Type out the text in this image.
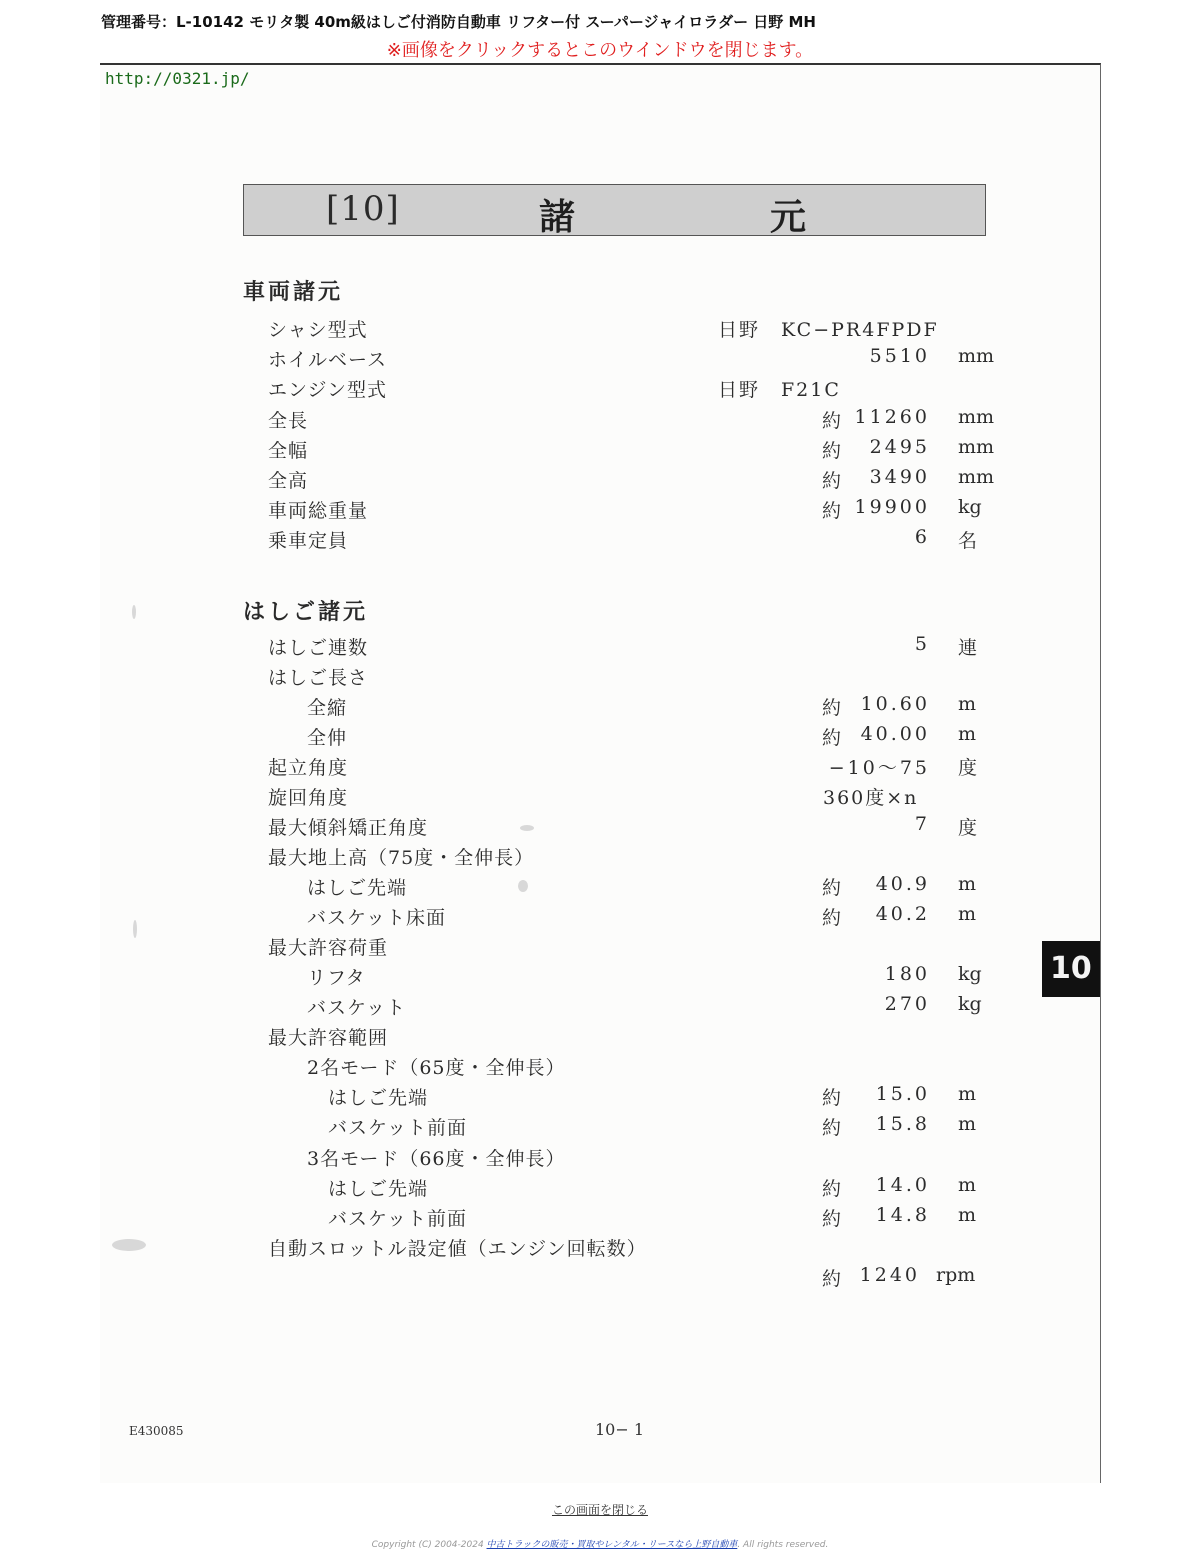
管理番号：L-10142 モリタ製 40m級はしご付消防自動車 リフター付 スーパージャイロラダー 日野 MH
※画像をクリックするとこのウインドウを閉じます。
http://0321.jp/
[10]	諸	元
車両諸元
シャシ型式	日野　KC−PR4FPDF
ホイルベース	5510 mm
エンジン型式	日野　F21C
全長	約 11260 mm
全幅	約 2495 mm
全高	約 3490 mm
車両総重量	約 19900 kg
乗車定員	6 名
はしご諸元
はしご連数	5 連
はしご長さ
全縮	約 10.60 m
全伸	約 40.00 m
起立角度	−10〜75 度
旋回角度	360度×n
最大傾斜矯正角度	7 度
最大地上高（75度・全伸長）
はしご先端	約 40.9 m
バスケット床面	約 40.2 m
最大許容荷重
リフタ	180 kg
バスケット	270 kg
最大許容範囲
2名モード（65度・全伸長）
はしご先端	約 15.0 m
バスケット前面	約 15.8 m
3名モード（66度・全伸長）
はしご先端	約 14.0 m
バスケット前面	約 14.8 m
自動スロットル設定値（エンジン回転数）
約 1240 rpm
10
E430085	10− 1
この画面を閉じる
Copyright (C) 2004-2024 中古トラックの販売・買取やレンタル・リースなら上野自動車. All rights reserved.
